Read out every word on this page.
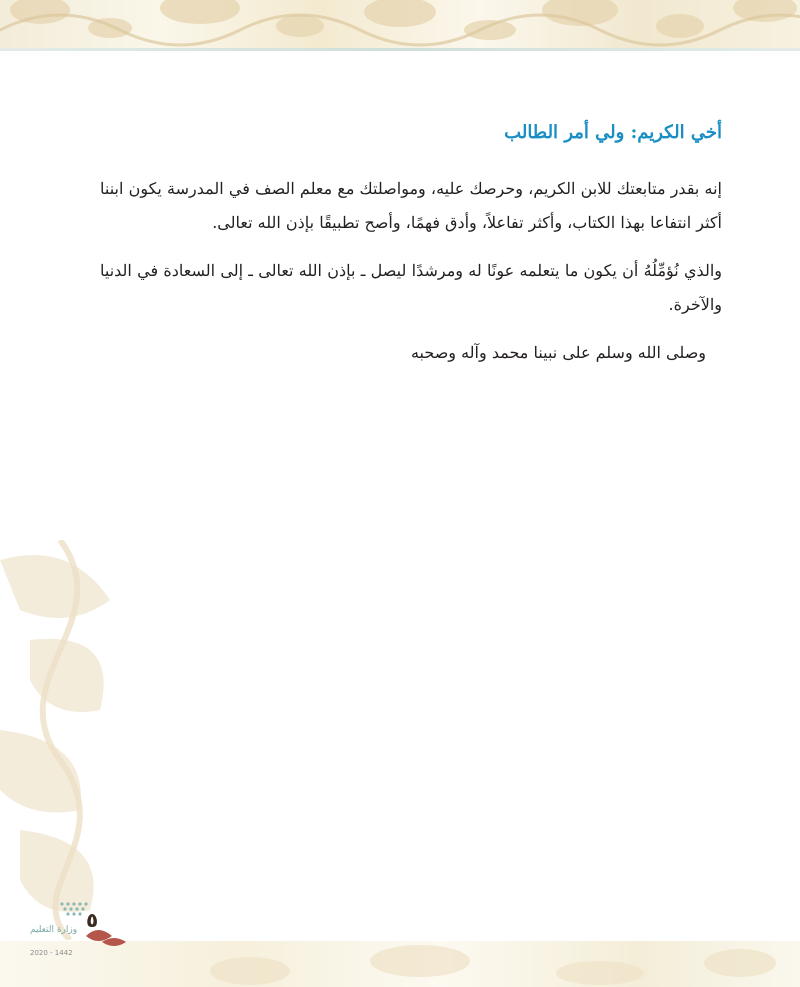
أخي الكريم: ولي أمر الطالب

إنه بقدر متابعتك للابن الكريم، وحرصك عليه، ومواصلتك مع معلم الصف في المدرسة يكون ابننا أكثر انتفاعا بهذا الكتاب، وأكثر تفاعلاً، وأدق فهمًا، وأصح تطبيقًا بإذن الله تعالى.

والذي نُؤمِّلُهُ أن يكون ما يتعلمه عونًا له ومرشدًا ليصل ـ بإذن الله تعالى ـ إلى السعادة في الدنيا والآخرة.

وصلى الله وسلم على نبينا محمد وآله وصحبه

٥
وزارة التعليم
2020 - 1442
